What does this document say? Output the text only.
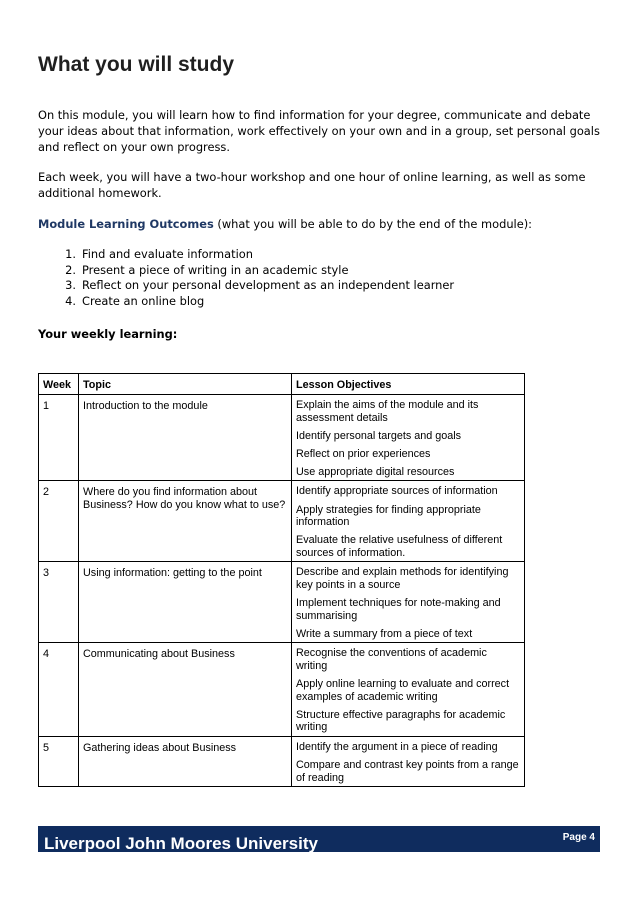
What you will study

On this module, you will learn how to find information for your degree, communicate and debate your ideas about that information, work effectively on your own and in a group, set personal goals and reflect on your own progress.

Each week, you will have a two-hour workshop and one hour of online learning, as well as some additional homework.

Module Learning Outcomes (what you will be able to do by the end of the module):

1. Find and evaluate information
2. Present a piece of writing in an academic style
3. Reflect on your personal development as an independent learner
4. Create an online blog

Your weekly learning:

Week	Topic	Lesson Objectives
1	Introduction to the module	Explain the aims of the module and its assessment details

Identify personal targets and goals

Reflect on prior experiences

Use appropriate digital resources

2	Where do you find information about Business? How do you know what to use?	Identify appropriate sources of information

Apply strategies for finding appropriate information

Evaluate the relative usefulness of different sources of information.

3	Using information: getting to the point	Describe and explain methods for identifying key points in a source

Implement techniques for note-making and summarising

Write a summary from a piece of text

4	Communicating about Business	Recognise the conventions of academic writing

Apply online learning to evaluate and correct examples of academic writing

Structure effective paragraphs for academic writing

5	Gathering ideas about Business	Identify the argument in a piece of reading

Compare and contrast key points from a range of reading

Liverpool John Moores University	Page 4
